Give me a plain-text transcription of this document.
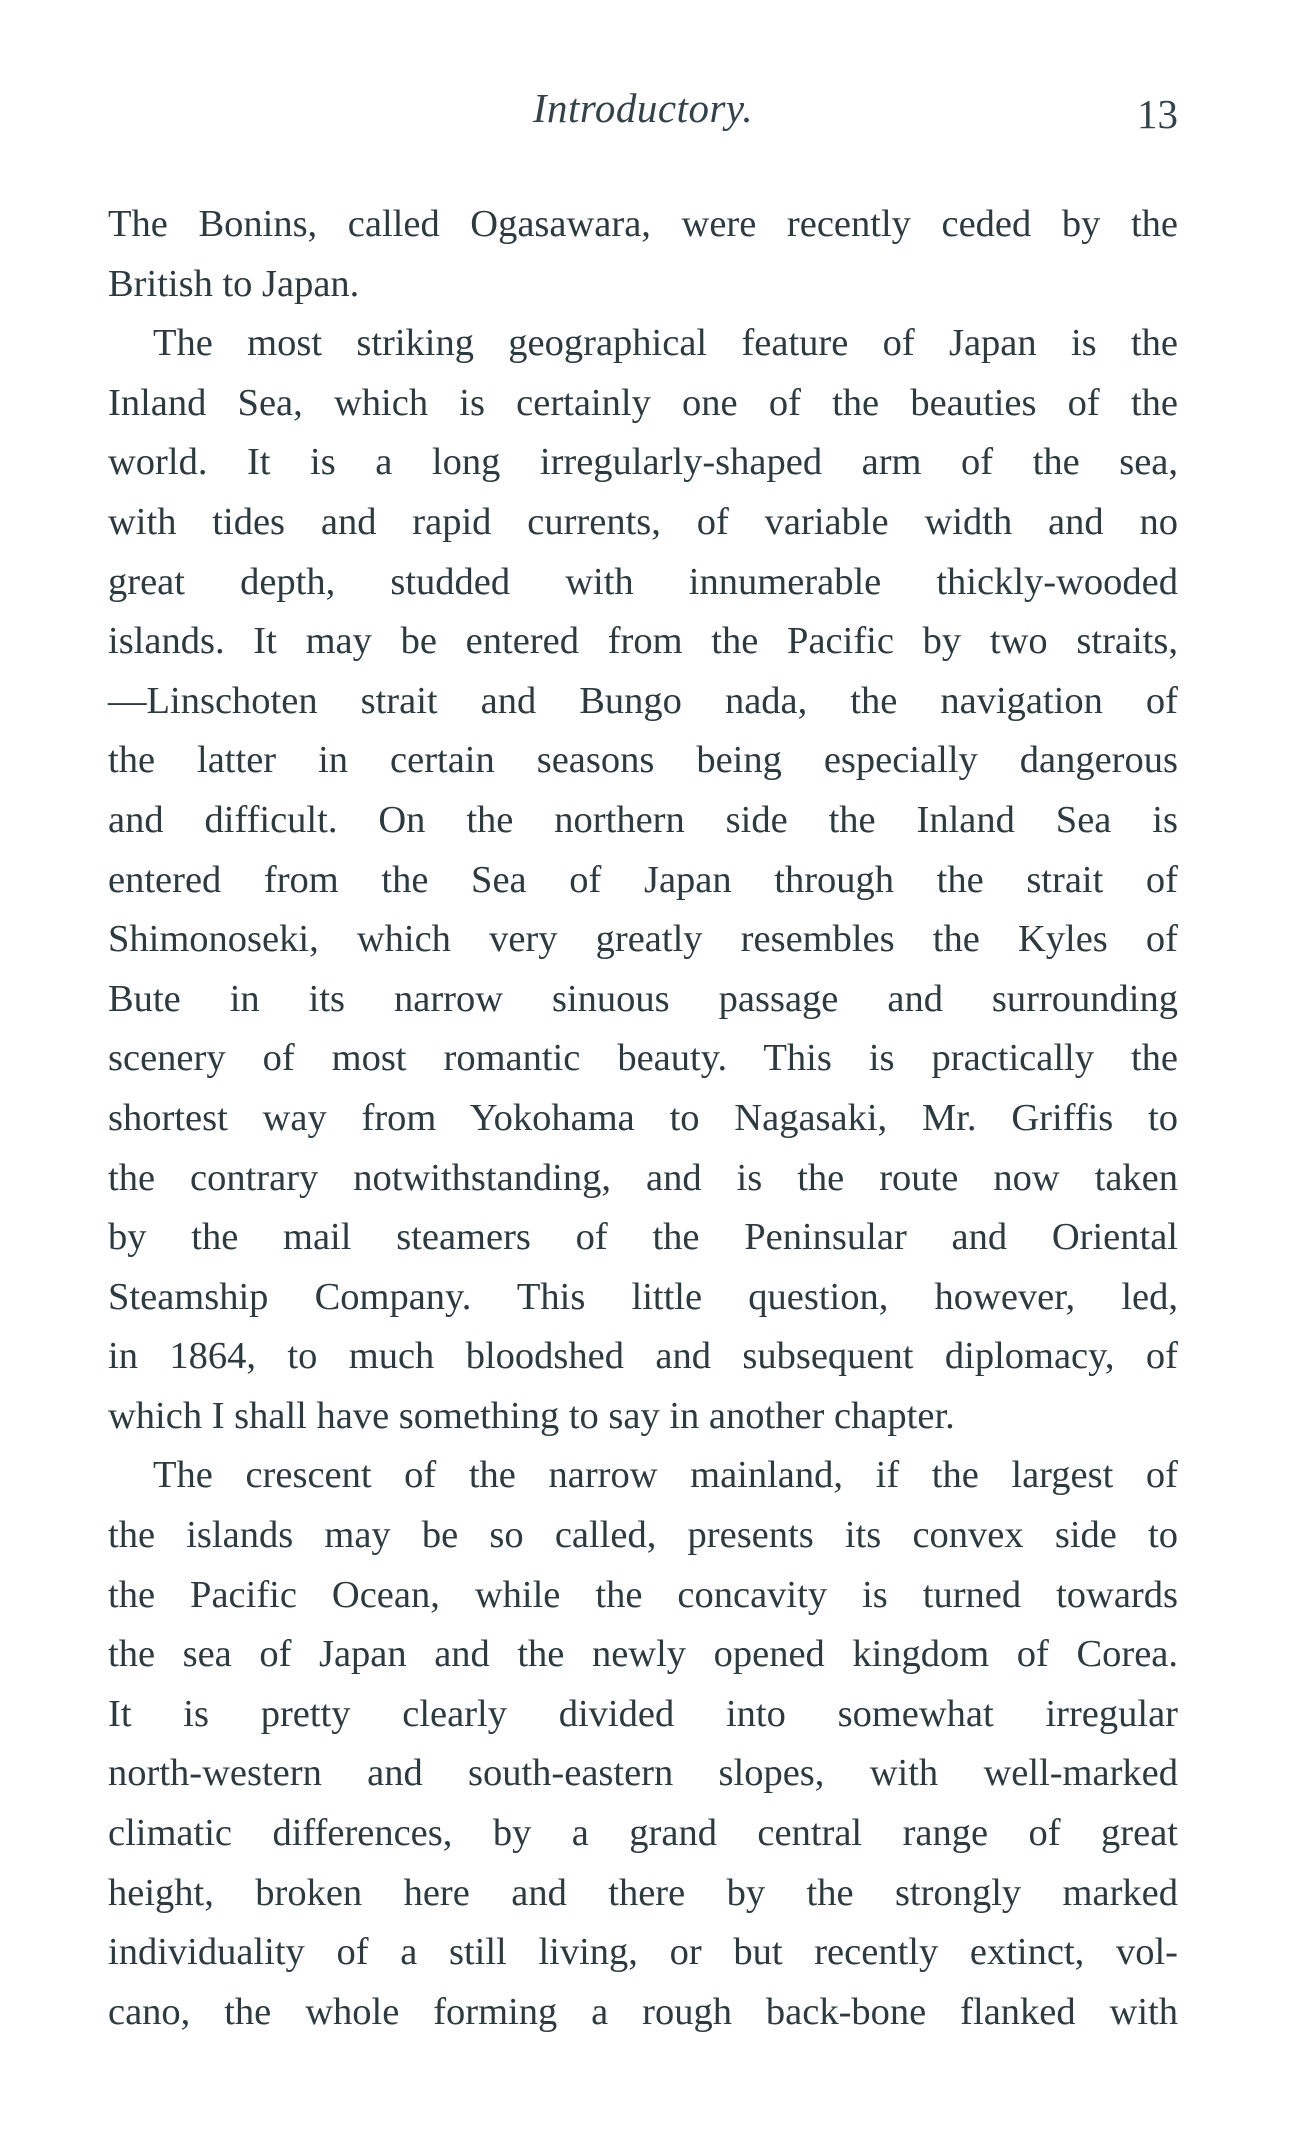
Introductory.	13

The Bonins, called Ogasawara, were recently ceded by the
British to Japan.

The most striking geographical feature of Japan is the
Inland Sea, which is certainly one of the beauties of the
world. It is a long irregularly-shaped arm of the sea,
with tides and rapid currents, of variable width and no
great depth, studded with innumerable thickly-wooded
islands. It may be entered from the Pacific by two straits,
—Linschoten strait and Bungo nada, the navigation of
the latter in certain seasons being especially dangerous
and difficult. On the northern side the Inland Sea is
entered from the Sea of Japan through the strait of
Shimonoseki, which very greatly resembles the Kyles of
Bute in its narrow sinuous passage and surrounding
scenery of most romantic beauty. This is practically the
shortest way from Yokohama to Nagasaki, Mr. Griffis to
the contrary notwithstanding, and is the route now taken
by the mail steamers of the Peninsular and Oriental
Steamship Company. This little question, however, led,
in 1864, to much bloodshed and subsequent diplomacy, of
which I shall have something to say in another chapter.

The crescent of the narrow mainland, if the largest of
the islands may be so called, presents its convex side to
the Pacific Ocean, while the concavity is turned towards
the sea of Japan and the newly opened kingdom of Corea.
It is pretty clearly divided into somewhat irregular
north-western and south-eastern slopes, with well-marked
climatic differences, by a grand central range of great
height, broken here and there by the strongly marked
individuality of a still living, or but recently extinct, vol-
cano, the whole forming a rough back-bone flanked with
